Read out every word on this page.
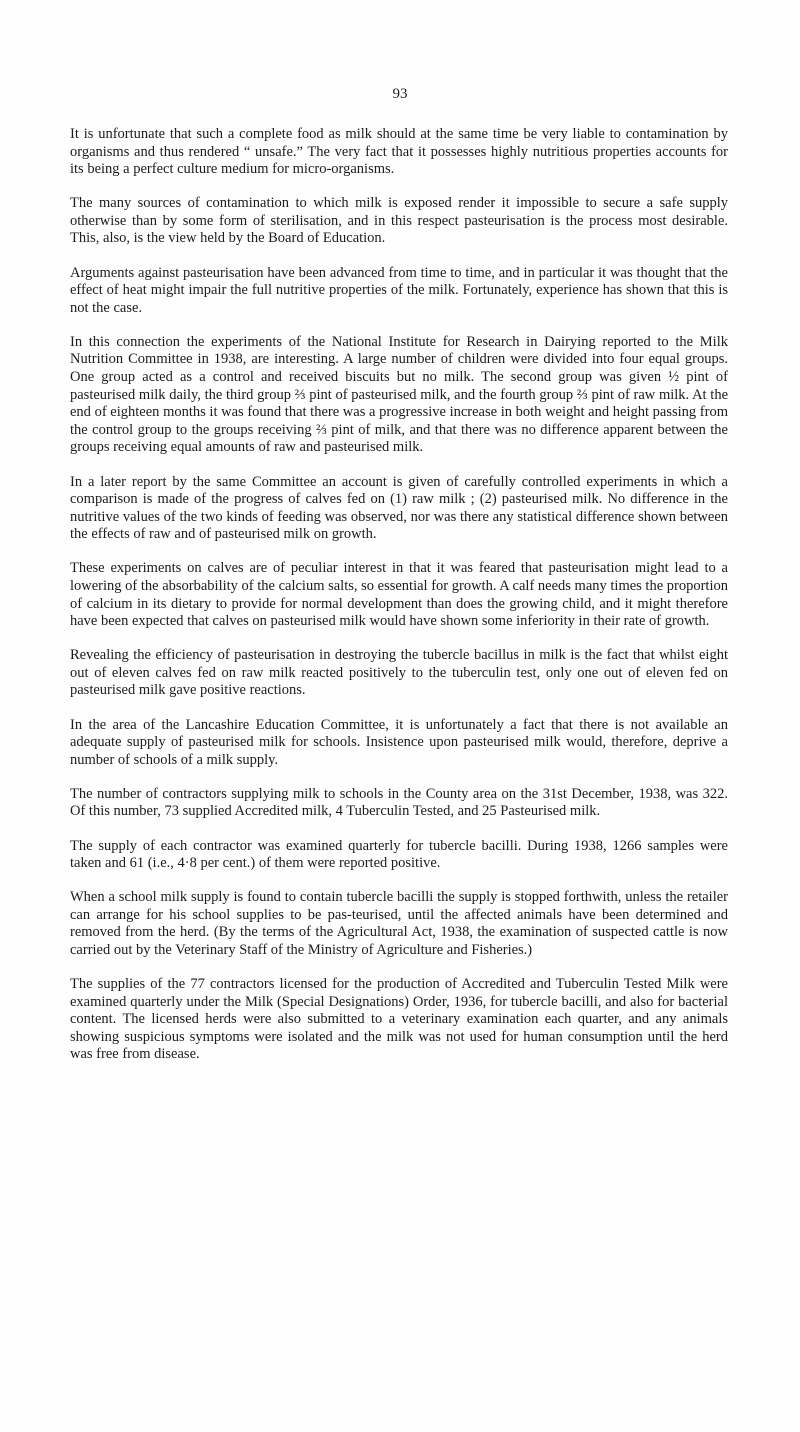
93

It is unfortunate that such a complete food as milk should at the same time be very liable to contamination by organisms and thus rendered “ unsafe.” The very fact that it possesses highly nutritious properties accounts for its being a perfect culture medium for micro-organisms.

The many sources of contamination to which milk is exposed render it impossible to secure a safe supply otherwise than by some form of sterilisation, and in this respect pasteurisation is the process most desirable. This, also, is the view held by the Board of Education.

Arguments against pasteurisation have been advanced from time to time, and in particular it was thought that the effect of heat might impair the full nutritive properties of the milk. Fortunately, experience has shown that this is not the case.

In this connection the experiments of the National Institute for Research in Dairying reported to the Milk Nutrition Committee in 1938, are interesting. A large number of children were divided into four equal groups. One group acted as a control and received biscuits but no milk. The second group was given ½ pint of pasteurised milk daily, the third group ⅔ pint of pasteurised milk, and the fourth group ⅔ pint of raw milk. At the end of eighteen months it was found that there was a progressive increase in both weight and height passing from the control group to the groups receiving ⅔ pint of milk, and that there was no difference apparent between the groups receiving equal amounts of raw and pasteurised milk.

In a later report by the same Committee an account is given of carefully controlled experiments in which a comparison is made of the progress of calves fed on (1) raw milk ; (2) pasteurised milk. No difference in the nutritive values of the two kinds of feeding was observed, nor was there any statistical difference shown between the effects of raw and of pasteurised milk on growth.

These experiments on calves are of peculiar interest in that it was feared that pasteurisation might lead to a lowering of the absorbability of the calcium salts, so essential for growth. A calf needs many times the proportion of calcium in its dietary to provide for normal development than does the growing child, and it might therefore have been expected that calves on pasteurised milk would have shown some inferiority in their rate of growth.

Revealing the efficiency of pasteurisation in destroying the tubercle bacillus in milk is the fact that whilst eight out of eleven calves fed on raw milk reacted positively to the tuberculin test, only one out of eleven fed on pasteurised milk gave positive reactions.

In the area of the Lancashire Education Committee, it is unfortunately a fact that there is not available an adequate supply of pasteurised milk for schools. Insistence upon pasteurised milk would, therefore, deprive a number of schools of a milk supply.

The number of contractors supplying milk to schools in the County area on the 31st December, 1938, was 322. Of this number, 73 supplied Accredited milk, 4 Tuberculin Tested, and 25 Pasteurised milk.

The supply of each contractor was examined quarterly for tubercle bacilli. During 1938, 1266 samples were taken and 61 (i.e., 4·8 per cent.) of them were reported positive.

When a school milk supply is found to contain tubercle bacilli the supply is stopped forthwith, unless the retailer can arrange for his school supplies to be pas-teurised, until the affected animals have been determined and removed from the herd. (By the terms of the Agricultural Act, 1938, the examination of suspected cattle is now carried out by the Veterinary Staff of the Ministry of Agriculture and Fisheries.)

The supplies of the 77 contractors licensed for the production of Accredited and Tuberculin Tested Milk were examined quarterly under the Milk (Special Designations) Order, 1936, for tubercle bacilli, and also for bacterial content. The licensed herds were also submitted to a veterinary examination each quarter, and any animals showing suspicious symptoms were isolated and the milk was not used for human consumption until the herd was free from disease.
